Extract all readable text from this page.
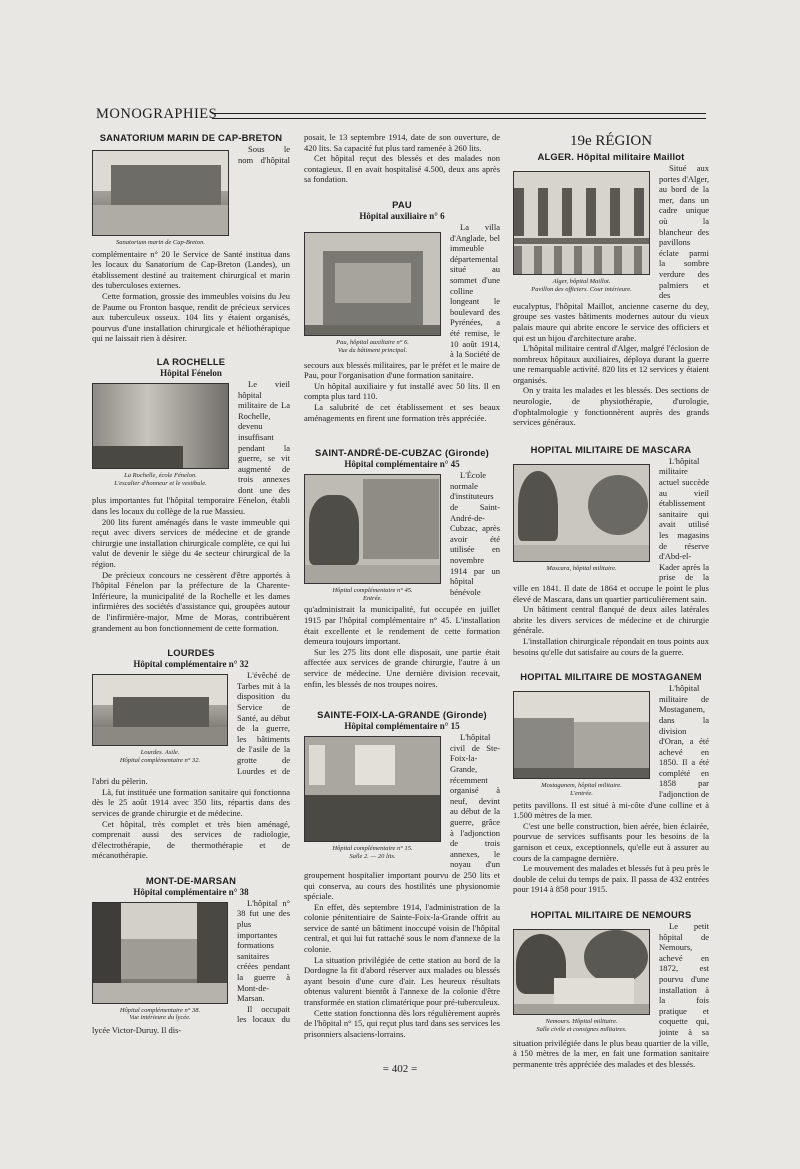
MONOGRAPHIES
SANATORIUM MARIN DE CAP-BRETON
Sanatorium marin de Cap-Breton.

Sous le nom d'hôpital complémentaire n° 20 le Service de Santé institua dans les locaux du Sanatorium de Cap-Breton (Landes), un établissement destiné au traitement chirurgical et marin des tuberculoses externes.

Cette formation, grossie des immeubles voisins du Jeu de Paume ou Fronton basque, rendit de précieux services aux tuberculeux osseux. 104 lits y étaient organisés, pourvus d'une installation chirurgicale et héliothérapique qui ne laissait rien à désirer.

LA ROCHELLE
Hôpital Fénelon
La Rochelle, école Fénelon.
L'escalier d'honneur et le vestibule.

Le vieil hôpital militaire de La Rochelle, devenu insuffisant pendant la guerre, se vit augmenté de trois annexes dont une des plus importantes fut l'hôpital temporaire Fénelon, établi dans les locaux du collège de la rue Massieu.

200 lits furent aménagés dans le vaste immeuble qui reçut avec divers services de médecine et de grande chirurgie une installation chirurgicale complète, ce qui lui valut de devenir le siège du 4e secteur chirurgical de la région.

De précieux concours ne cessèrent d'être apportés à l'hôpital Fénelon par la préfecture de la Charente-Inférieure, la municipalité de la Rochelle et les dames infirmières des sociétés d'assistance qui, groupées autour de l'infirmière-major, Mme de Moras, contribuèrent grandement au bon fonctionnement de cette formation.

LOURDES
Hôpital complémentaire n° 32
Lourdes. Asile.
Hôpital complémentaire n° 32.

L'évêché de Tarbes mit à la disposition du Service de Santé, au début de la guerre, les bâtiments de l'asile de la grotte de Lourdes et de l'abri du pèlerin.

Là, fut instituée une formation sanitaire qui fonctionna dès le 25 août 1914 avec 350 lits, répartis dans des services de grande chirurgie et de médecine.

Cet hôpital, très complet et très bien aménagé, comprenait aussi des services de radiologie, d'électrothérapie, de thermothérapie et de mécanothérapie.

MONT-DE-MARSAN
Hôpital complémentaire n° 38
Hôpital complémentaire n° 38.
Vue intérieure du lycée.

L'hôpital n° 38 fut une des plus importantes formations sanitaires créées pendant la guerre à Mont-de-Marsan.

Il occupait les locaux du lycée Victor-Duruy. Il dis-

posait, le 13 septembre 1914, date de son ouverture, de 420 lits. Sa capacité fut plus tard ramenée à 260 lits.

Cet hôpital reçut des blessés et des malades non contagieux. Il en avait hospitalisé 4.500, deux ans après sa fondation.

PAU
Hôpital auxiliaire n° 6
Pau, hôpital auxiliaire n° 6.
Vue du bâtiment principal.

La villa d'Anglade, bel immeuble départemental situé au sommet d'une colline longeant le boulevard des Pyrénées, a été remise, le 10 août 1914, à la Société de secours aux blessés militaires, par le préfet et le maire de Pau, pour l'organisation d'une formation sanitaire.

Un hôpital auxiliaire y fut installé avec 50 lits. Il en compta plus tard 110.

La salubrité de cet établissement et ses beaux aménagements en firent une formation très appréciée.

SAINT-ANDRÉ-DE-CUBZAC (Gironde)
Hôpital complémentaire n° 45
Hôpital complémentaire n° 45.
Entrée.

L'École normale d'instituteurs de Saint-André-de-Cubzac, après avoir été utilisée en novembre 1914 par un hôpital bénévole qu'administrait la municipalité, fut occupée en juillet 1915 par l'hôpital complémentaire n° 45. L'installation était excellente et le rendement de cette formation demeura toujours important.

Sur les 275 lits dont elle disposait, une partie était affectée aux services de grande chirurgie, l'autre à un service de médecine. Une dernière division recevait, enfin, les blessés de nos troupes noires.

SAINTE-FOIX-LA-GRANDE (Gironde)
Hôpital complémentaire n° 15
Hôpital complémentaire n° 15.
Salle 2. — 20 lits.

L'hôpital civil de Ste-Foix-la-Grande, récemment organisé à neuf, devint au début de la guerre, grâce à l'adjonction de trois annexes, le noyau d'un groupement hospitalier important pourvu de 250 lits et qui conserva, au cours des hostilités une physionomie spéciale.

En effet, dès septembre 1914, l'administration de la colonie pénitentiaire de Sainte-Foix-la-Grande offrit au service de santé un bâtiment inoccupé voisin de l'hôpital central, et qui lui fut rattaché sous le nom d'annexe de la colonie.

La situation privilégiée de cette station au bord de la Dordogne la fit d'abord réserver aux malades ou blessés ayant besoin d'une cure d'air. Les heureux résultats obtenus valurent bientôt à l'annexe de la colonie d'être transformée en station climatérique pour pré-tuberculeux.

Cette station fonctionna dès lors régulièrement auprès de l'hôpital n° 15, qui reçut plus tard dans ses services les prisonniers alsaciens-lorrains.

19e RÉGION
ALGER. Hôpital militaire Maillot
Alger, hôpital Maillot.
Pavillon des officiers. Cour intérieure.

Situé aux portes d'Alger, au bord de la mer, dans un cadre unique où la blancheur des pavillons éclate parmi la sombre verdure des palmiers et des eucalyptus, l'hôpital Maillot, ancienne caserne du dey, groupe ses vastes bâtiments modernes autour du vieux palais maure qui abrite encore le service des officiers et qui est un bijou d'architecture arabe.

L'hôpital militaire central d'Alger, malgré l'éclosion de nombreux hôpitaux auxiliaires, déploya durant la guerre une remarquable activité. 820 lits et 12 services y étaient organisés.

On y traita les malades et les blessés. Des sections de neurologie, de physiothérapie, d'urologie, d'ophtalmologie y fonctionnèrent auprès des grands services généraux.

HOPITAL MILITAIRE DE MASCARA
Mascara, hôpital militaire.

L'hôpital militaire actuel succède au vieil établissement sanitaire qui avait utilisé les magasins de réserve d'Abd-el-Kader après la prise de la ville en 1841. Il date de 1864 et occupe le point le plus élevé de Mascara, dans un quartier particulièrement sain.

Un bâtiment central flanqué de deux ailes latérales abrite les divers services de médecine et de chirurgie générale.

L'installation chirurgicale répondait en tous points aux besoins qu'elle dut satisfaire au cours de la guerre.

HOPITAL MILITAIRE DE MOSTAGANEM
Mostaganem, hôpital militaire.
L'entrée.

L'hôpital militaire de Mostaganem, dans la division d'Oran, a été achevé en 1850. Il a été complété en 1858 par l'adjonction de petits pavillons. Il est situé à mi-côte d'une colline et à 1.500 mètres de la mer.

C'est une belle construction, bien aérée, bien éclairée, pourvue de services suffisants pour les besoins de la garnison et ceux, exceptionnels, qu'elle eut à assurer au cours de la campagne dernière.

Le mouvement des malades et blessés fut à peu près le double de celui du temps de paix. Il passa de 432 entrées pour 1914 à 858 pour 1915.

HOPITAL MILITAIRE DE NEMOURS
Nemours. Hôpital militaire.
Salle civile et consignes militaires.

Le petit hôpital de Nemours, achevé en 1872, est pourvu d'une installation à la fois pratique et coquette qui, jointe à sa situation privilégiée dans le plus beau quartier de la ville, à 150 mètres de la mer, en fait une formation sanitaire permanente très appréciée des malades et des blessés.

= 402 =
